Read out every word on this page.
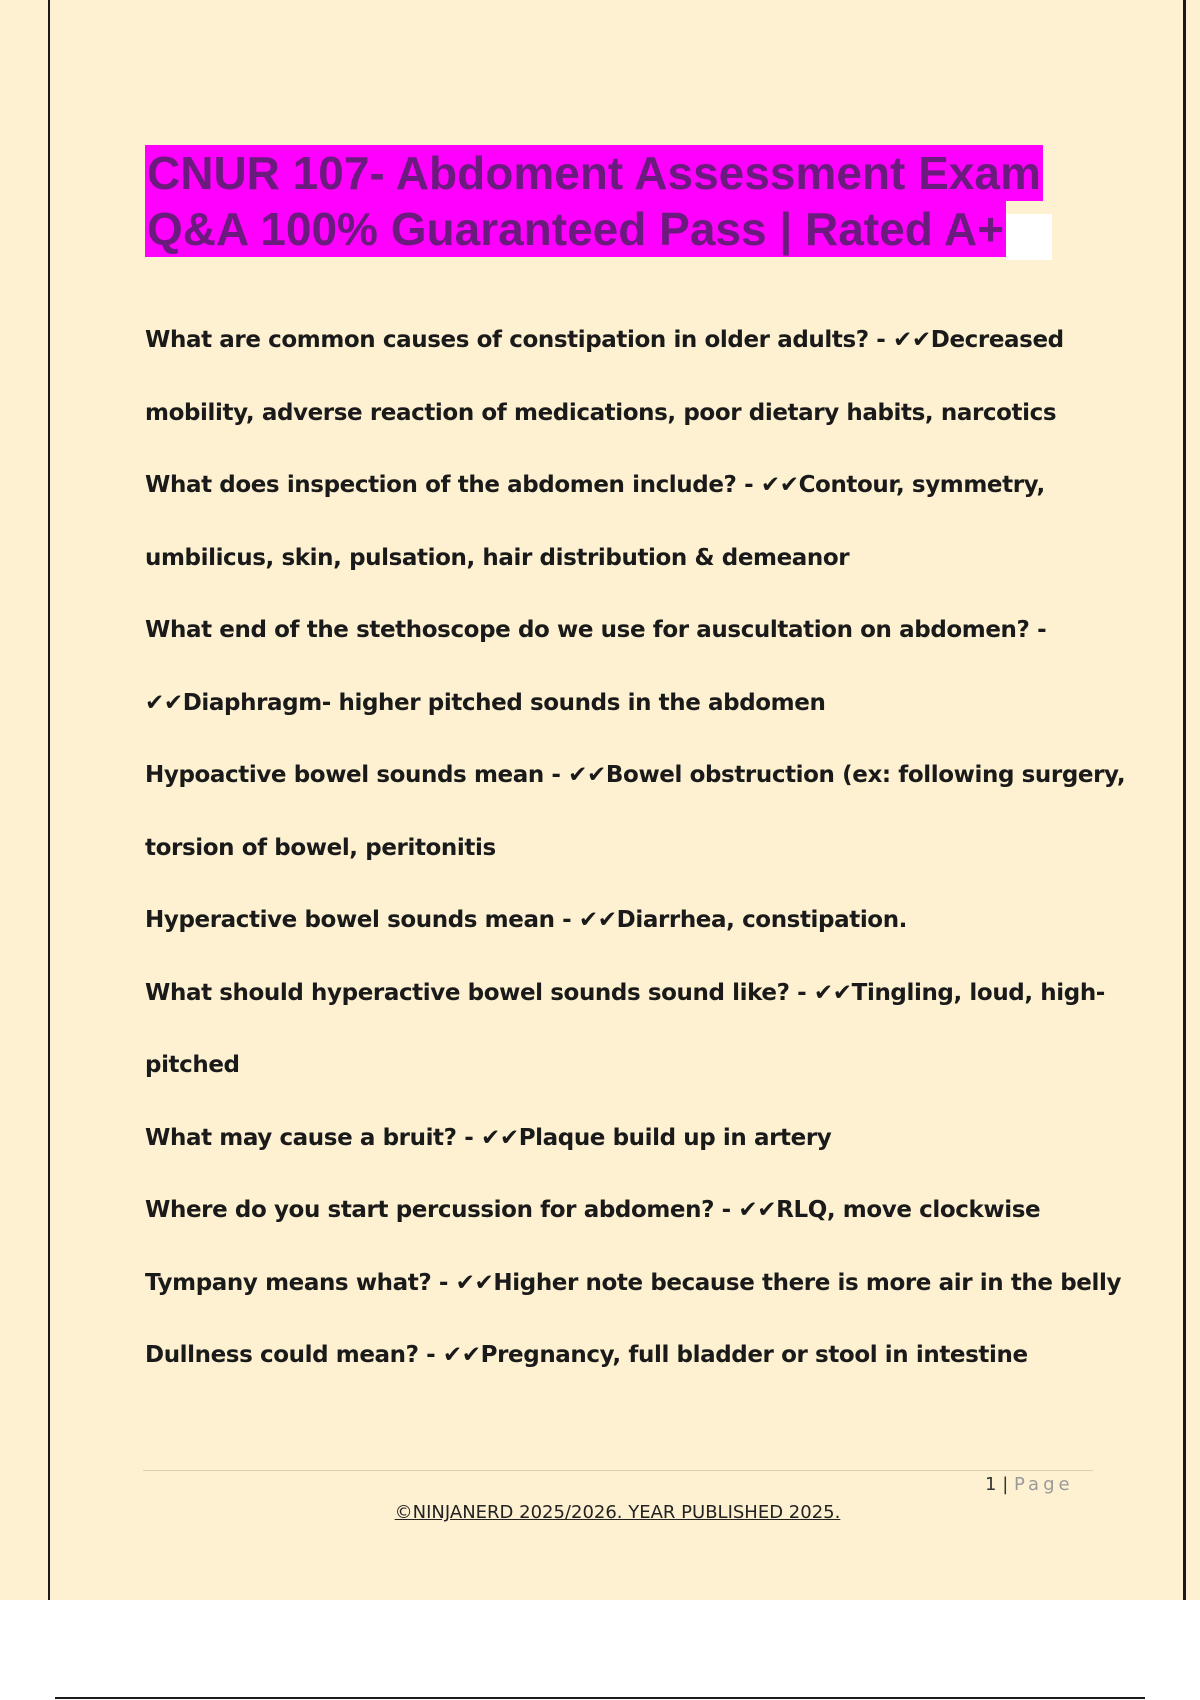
CNUR 107- Abdoment Assessment Exam
Q&A 100% Guaranteed Pass | Rated A+
What are common causes of constipation in older adults? - ✔✔Decreased
mobility, adverse reaction of medications, poor dietary habits, narcotics
What does inspection of the abdomen include? - ✔✔Contour, symmetry,
umbilicus, skin, pulsation, hair distribution & demeanor
What end of the stethoscope do we use for auscultation on abdomen? -
✔✔Diaphragm- higher pitched sounds in the abdomen
Hypoactive bowel sounds mean - ✔✔Bowel obstruction (ex: following surgery,
torsion of bowel, peritonitis
Hyperactive bowel sounds mean - ✔✔Diarrhea, constipation.
What should hyperactive bowel sounds sound like? - ✔✔Tingling, loud, high-
pitched
What may cause a bruit? - ✔✔Plaque build up in artery
Where do you start percussion for abdomen? - ✔✔RLQ, move clockwise
Tympany means what? - ✔✔Higher note because there is more air in the belly
Dullness could mean? - ✔✔Pregnancy, full bladder or stool in intestine
1 | Page
©NINJANERD 2025/2026. YEAR PUBLISHED 2025.
